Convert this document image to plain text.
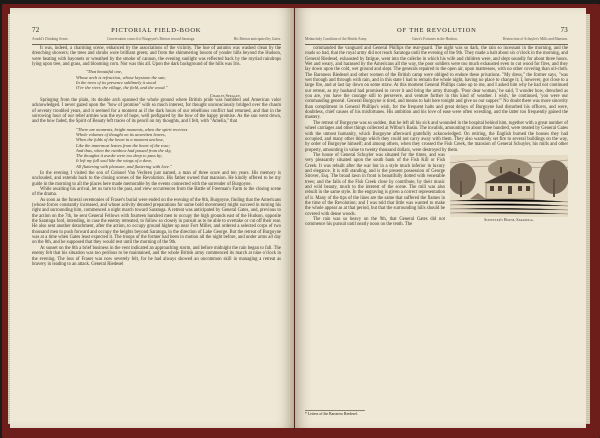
72	PICTORIAL FIELD-BOOK
Arnold's Drinking Scene.	Conversation council of Burgoyne's Retreat toward Saratoga.	His Retreat anticipated by Gates.

It was, indeed, a charming scene, enhanced by the associations of the vicinity. The hue of autumn was washed clean by the drenching showers; the trees and shrubs wore brilliant green; and from the shimmering bosom of yonder hills beyond the Hudson, were heating with bayonets or wreathed by the smoke of cannon, the evening sunlight was reflected back by the myriad raindrops lying upon tree, and grass, and blooming corn. Nor was this all. Upon the dark background of the hills was Iris.

"That beautiful one,
Whose arch is refraction, whose keystone the sun;
In the trees of its presence sublimely it stood
O'er the river, the village, the field, and the wood."
Charles Sprague.

Springing from the plain, its double arch spanned the whole ground where British pride was humbled and American valor acknowledged. I never gazed upon the "bow of promise" with so much interest, for thought unconsciously bridged over the chasm of seventy troubled years, and it seemed for a moment as if the dark hours of our rebellious conflict had returned, and that in the sorrowing hour of our rebel armies was the eye of hope, well prefigured by the bow of the happy promise. As the sun went down, and the bow faded, the Spirit of Beauty left traces of its pencil on my thoughts, and I felt, with "Amelia," that

"There are moments, bright moments, when the spirit receives
Whole volumes of thought on its unwritten leaves,
When the folds of the heart in a moment unclose,
Like the innermost leaves from the heart of the rose;
And thus, when the rainbow had passed from the sky,
The thoughts it awoke were too deep to pass by;
It left my full soul like the wings of a dove,
All fluttering with pleasure, and fluttering with love."

In the evening I visited the son of Colonel Van Vechten just named, a man of three score and ten years. His memory is unclouded, and extends back to the closing scenes of the Revolution. His father owned that mansion. He kindly offered to be my guide in the morning to all the places here made memorable by the events connected with the surrender of Burgoyne.

While awaiting his arrival, let us turn to the past, and view occurrences from the Battle of Freeman's Farm to the closing scene of the drama.

As soon as the funeral ceremonies of Fraser's burial were ended on the evening of the 8th, Burgoyne, finding that the Americans (whose forces constantly increased, and whose activity denoted preparations for some bold movement) might succeed in turning his right and surrounding him, commenced a night march toward Saratoga. A retreat was anticipated by General Gates, and, previous to the action on the 7th, he sent General Fellows with fourteen hundred men to occupy the high grounds east of the Hudson, opposite the Saratoga ford, intending, in case the enemy retreated, to follow so closely in pursuit as to be able to overtake or cut off their rear. He also sent another detachment, after the action, to occupy ground higher up near Fort Miller, and ordered a selected corps of two thousand men to push forward and occupy the heights beyond Saratoga, in the direction of Lake George. But the retreat of Burgoyne was at a time when Gates least expected it. The troops of the former had been in motion all the night before, and under arms all day on the 8th, and he supposed that they would rest until the morning of the 9th.

At sunset on the 8th a brief business in the vent indicated an approaching storm, and before midnight the rain began to fall. The enemy felt that his situation was too perilous to be maintained, and the whole British army commenced its march at nine o'clock in the evening. The loss of Fraser was now severely felt, for he had always showed an uncommon skill in managing a retreat as bravery in leading to an attack. General Riedesel

OF THE REVOLUTION	73
Melancholy Condition of the British Army.	Gates's Fortunes in the Hudson.	Destruction of Schuyler's Mills and Mansion.

commanded the vanguard and General Phillips the rear-guard. The night was so dark, the rain so incessant in the morning, and the roads so bad, that the royal army did not reach Saratoga until the evening of the 9th. They made a halt about six o'clock in the morning, and General Riedesel, exhausted by fatigue, went into the calèche in which his wife and children were, and slept soundly for about three hours. Wet and weary, and harassed by the Americans all the way, the poor soldiers were too much exhausted even to cut wood for fires, and they lay down upon the cold, wet ground and slept. The generals repaired to the open air, upon mattresses, with no other covering than oil-cloth. The Baroness Riedesel and other women of the British camp were obliged to endure these privations. "My dress," the former says, "was wet through and through with rain, and in this state I had to remain the whole night, having no place to change it; I, however, got close to a large fire, and at last lay down on some straw. At this moment General Phillips came up to me, and I asked him why he had not continued our retreat, as my husband had promised to cover it and bring the army through. 'Poor dear woman,' he said, 'I wonder how, drenched as you are, you have the courage still to persevere, and venture further in this kind of weather. I wish,' he continued, 'you were our commanding general. General Burgoyne is tired, and means to halt here tonight and give us our supper.'" No doubt there was more sincerity than compliment in General Phillips's wish, for the frequent halts and great delays of Burgoyne had disturbed his officers, and were, doubtless, chief causes of his misfortunes. His ambition and his love of ease were often wrestling, and the latter too frequently gained the mastery.

The retreat of Burgoyne was so sudden, that he left all his sick and wounded in the hospital behind him, together with a great number of wheel carriages and other things collected at Wilbur's Basin. The invalids, amounting to about three hundred, were treated by General Gates with the utmost humanity, which Burgoyne afterward gratefully acknowledged. On retiring, the English burned the houses they had occupied, and many other things which they could not carry away with them. They also wantonly set fire to several buildings on the way, by order of Burgoyne himself; and among others, when they crossed the Fish Creek, the mansion of General Schuyler, his mills and other property, amounting in value to twenty thousand dollars, were destroyed by them.

Schuyler's House, Saratoga.

The house of General Schuyler was situated for the times, and was very pleasantly situated upon the south bank of the Fish Kill or Fish Creek. It was rebuilt after the war but in a style much inferior in luxury and elegance. It is still standing, and is the present possession of George Strover, Esq. The broad lawn in front is beautifully dotted with venerable trees; and the falls of the Fish Creek close by contribute, by their music and wild beauty, much to the interest of the scene. The mill was also rebuilt in the same style. In the engraving is given a correct representation of it. Many of the tips of the lines are the same that suffered the flames in the time of the Revolution; and I was told that little was wanted to make the whole appear as at that period, but that the surrounding hills should be covered with dense woods.

The rain was so heavy on the 9th, that General Gates did not commence his pursuit until nearly noon on the tenth. The

* Letters of the Baroness Riedesel.
